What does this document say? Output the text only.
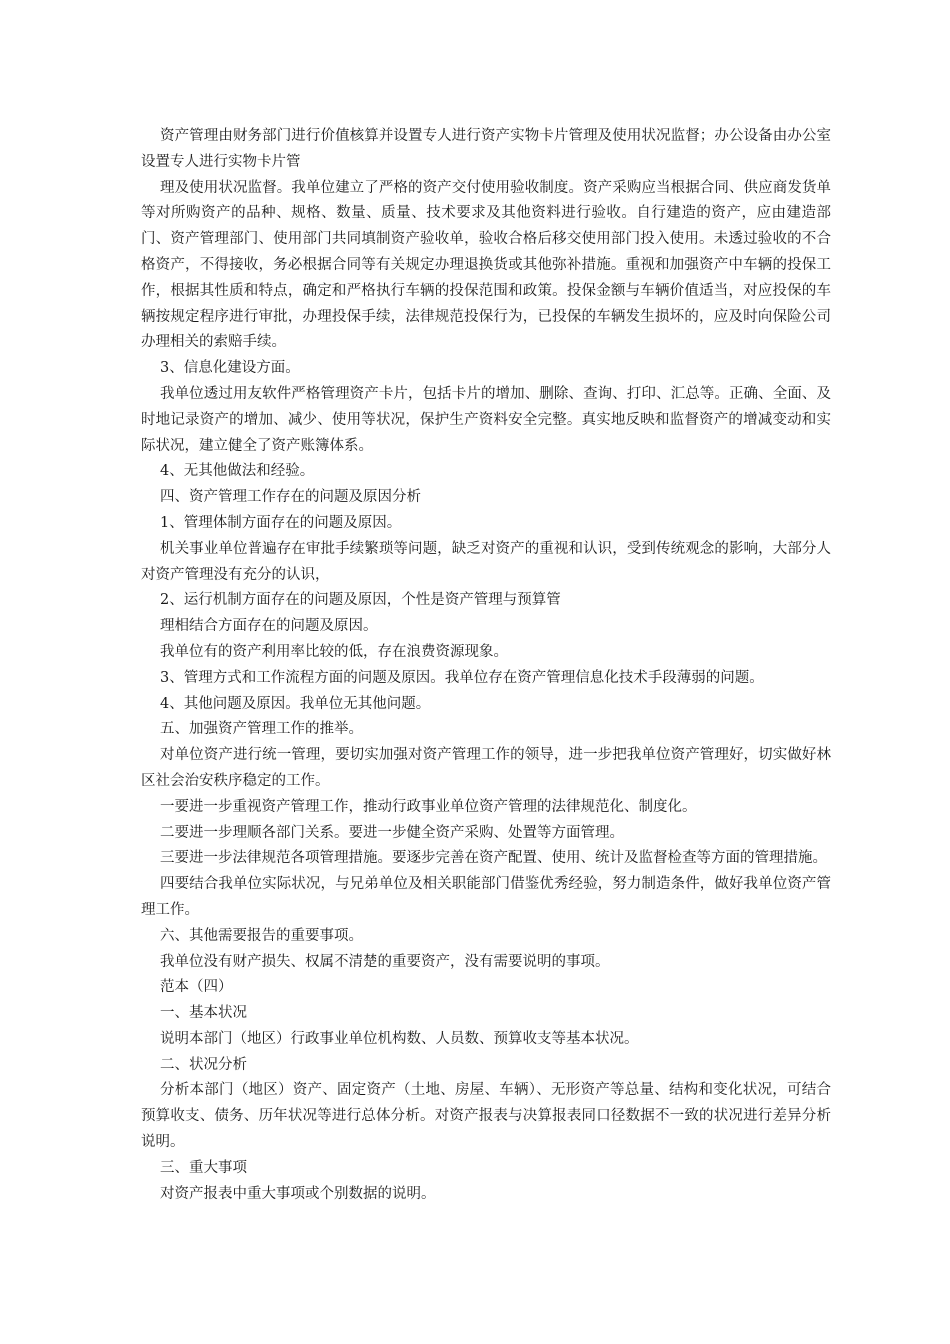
资产管理由财务部门进行价值核算并设置专人进行资产实物卡片管理及使用状况监督；办公设备由办公室设置专人进行实物卡片管

理及使用状况监督。我单位建立了严格的资产交付使用验收制度。资产采购应当根据合同、供应商发货单等对所购资产的品种、规格、数量、质量、技术要求及其他资料进行验收。自行建造的资产，应由建造部门、资产管理部门、使用部门共同填制资产验收单，验收合格后移交使用部门投入使用。未透过验收的不合格资产，不得接收，务必根据合同等有关规定办理退换货或其他弥补措施。重视和加强资产中车辆的投保工作，根据其性质和特点，确定和严格执行车辆的投保范围和政策。投保金额与车辆价值适当，对应投保的车辆按规定程序进行审批，办理投保手续，法律规范投保行为，已投保的车辆发生损坏的，应及时向保险公司办理相关的索赔手续。

3、信息化建设方面。

我单位透过用友软件严格管理资产卡片，包括卡片的增加、删除、查询、打印、汇总等。正确、全面、及时地记录资产的增加、减少、使用等状况，保护生产资料安全完整。真实地反映和监督资产的增减变动和实际状况，建立健全了资产账簿体系。

4、无其他做法和经验。

四、资产管理工作存在的问题及原因分析

1、管理体制方面存在的问题及原因。

机关事业单位普遍存在审批手续繁琐等问题，缺乏对资产的重视和认识，受到传统观念的影响，大部分人对资产管理没有充分的认识，

2、运行机制方面存在的问题及原因，个性是资产管理与预算管

理相结合方面存在的问题及原因。

我单位有的资产利用率比较的低，存在浪费资源现象。

3、管理方式和工作流程方面的问题及原因。我单位存在资产管理信息化技术手段薄弱的问题。

4、其他问题及原因。我单位无其他问题。

五、加强资产管理工作的推举。

对单位资产进行统一管理，要切实加强对资产管理工作的领导，进一步把我单位资产管理好，切实做好林区社会治安秩序稳定的工作。

一要进一步重视资产管理工作，推动行政事业单位资产管理的法律规范化、制度化。

二要进一步理顺各部门关系。要进一步健全资产采购、处置等方面管理。

三要进一步法律规范各项管理措施。要逐步完善在资产配置、使用、统计及监督检查等方面的管理措施。

四要结合我单位实际状况，与兄弟单位及相关职能部门借鉴优秀经验，努力制造条件，做好我单位资产管理工作。

六、其他需要报告的重要事项。

我单位没有财产损失、权属不清楚的重要资产，没有需要说明的事项。

范本（四）

一、基本状况

说明本部门（地区）行政事业单位机构数、人员数、预算收支等基本状况。

二、状况分析

分析本部门（地区）资产、固定资产（土地、房屋、车辆）、无形资产等总量、结构和变化状况，可结合预算收支、债务、历年状况等进行总体分析。对资产报表与决算报表同口径数据不一致的状况进行差异分析说明。

三、重大事项

对资产报表中重大事项或个别数据的说明。
